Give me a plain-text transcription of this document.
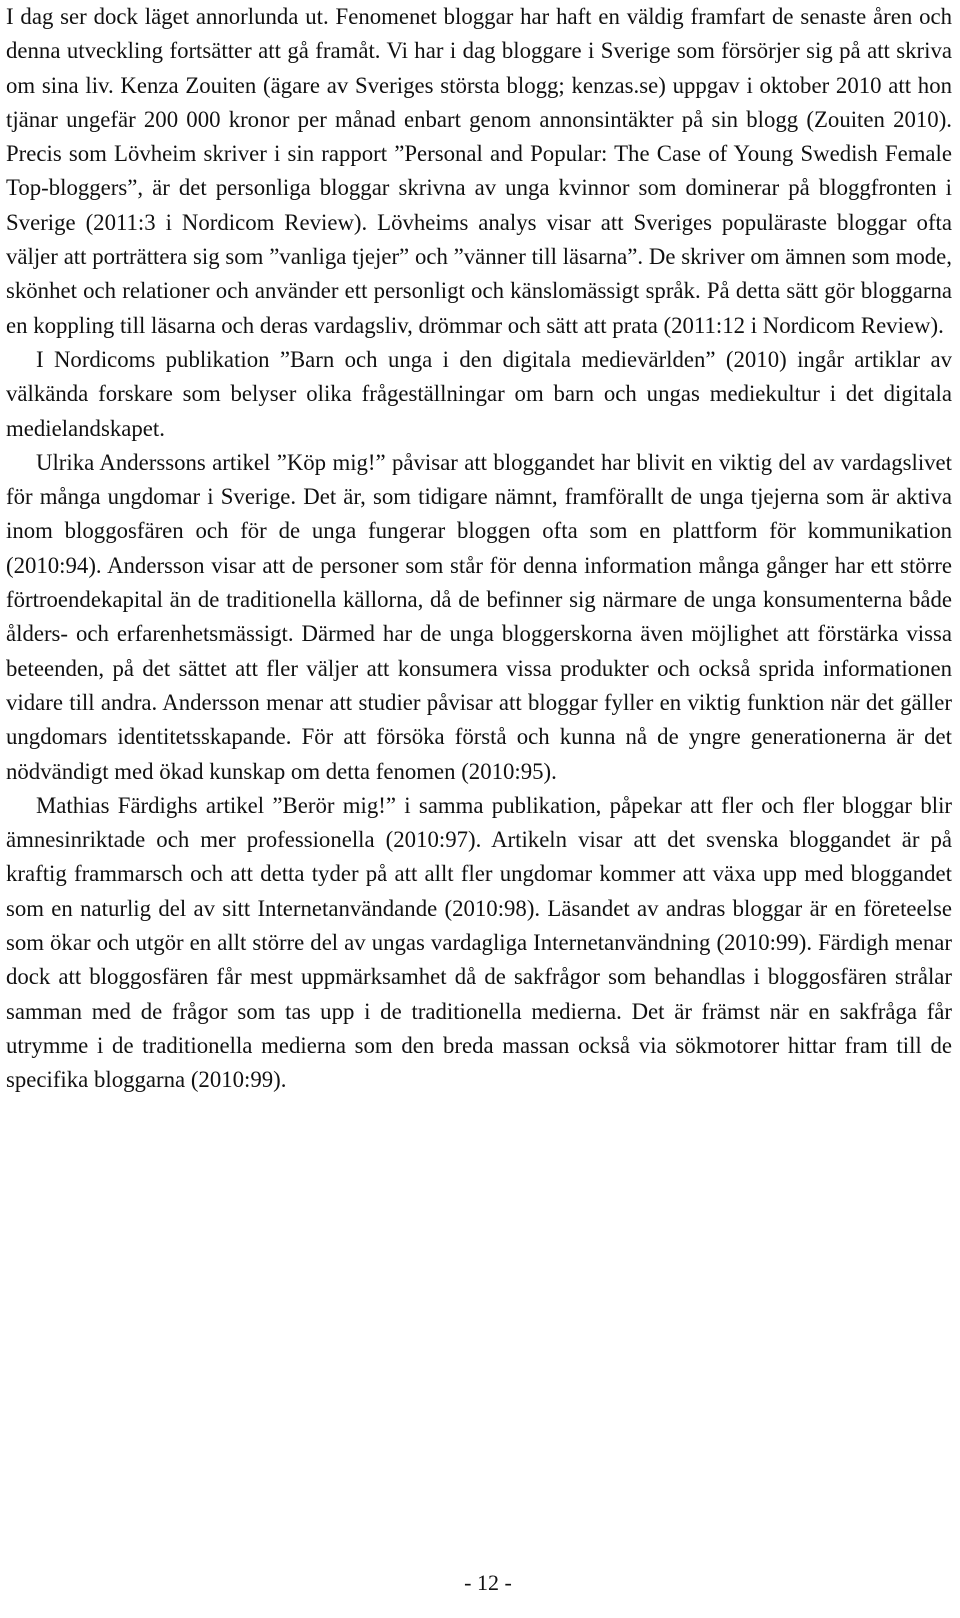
I dag ser dock läget annorlunda ut. Fenomenet bloggar har haft en väldig framfart de senaste åren och denna utveckling fortsätter att gå framåt. Vi har i dag bloggare i Sverige som försörjer sig på att skriva om sina liv. Kenza Zouiten (ägare av Sveriges största blogg; kenzas.se) uppgav i oktober 2010 att hon tjänar ungefär 200 000 kronor per månad enbart genom annonsintäkter på sin blogg (Zouiten 2010). Precis som Lövheim skriver i sin rapport ”Personal and Popular: The Case of Young Swedish Female Top-bloggers”, är det personliga bloggar skrivna av unga kvinnor som dominerar på bloggfronten i Sverige (2011:3 i Nordicom Review). Lövheims analys visar att Sveriges populäraste bloggar ofta väljer att porträttera sig som ”vanliga tjejer” och ”vänner till läsarna”. De skriver om ämnen som mode, skönhet och relationer och använder ett personligt och känslomässigt språk. På detta sätt gör bloggarna en koppling till läsarna och deras vardagsliv, drömmar och sätt att prata (2011:12 i Nordicom Review).

I Nordicoms publikation ”Barn och unga i den digitala medievärlden” (2010) ingår artiklar av välkända forskare som belyser olika frågeställningar om barn och ungas mediekultur i det digitala medielandskapet.

Ulrika Anderssons artikel ”Köp mig!” påvisar att bloggandet har blivit en viktig del av vardagslivet för många ungdomar i Sverige. Det är, som tidigare nämnt, framförallt de unga tjejerna som är aktiva inom bloggosfären och för de unga fungerar bloggen ofta som en plattform för kommunikation (2010:94). Andersson visar att de personer som står för denna information många gånger har ett större förtroendekapital än de traditionella källorna, då de befinner sig närmare de unga konsumenterna både ålders- och erfarenhetsmässigt. Därmed har de unga bloggerskorna även möjlighet att förstärka vissa beteenden, på det sättet att fler väljer att konsumera vissa produkter och också sprida informationen vidare till andra. Andersson menar att studier påvisar att bloggar fyller en viktig funktion när det gäller ungdomars identitetsskapande. För att försöka förstå och kunna nå de yngre generationerna är det nödvändigt med ökad kunskap om detta fenomen (2010:95).

Mathias Färdighs artikel ”Berör mig!” i samma publikation, påpekar att fler och fler bloggar blir ämnesinriktade och mer professionella (2010:97). Artikeln visar att det svenska bloggandet är på kraftig frammarsch och att detta tyder på att allt fler ungdomar kommer att växa upp med bloggandet som en naturlig del av sitt Internetanvändande (2010:98). Läsandet av andras bloggar är en företeelse som ökar och utgör en allt större del av ungas vardagliga Internetanvändning (2010:99). Färdigh menar dock att bloggosfären får mest uppmärksamhet då de sakfrågor som behandlas i bloggosfären strålar samman med de frågor som tas upp i de traditionella medierna. Det är främst när en sakfråga får utrymme i de traditionella medierna som den breda massan också via sökmotorer hittar fram till de specifika bloggarna (2010:99).

- 12 -
